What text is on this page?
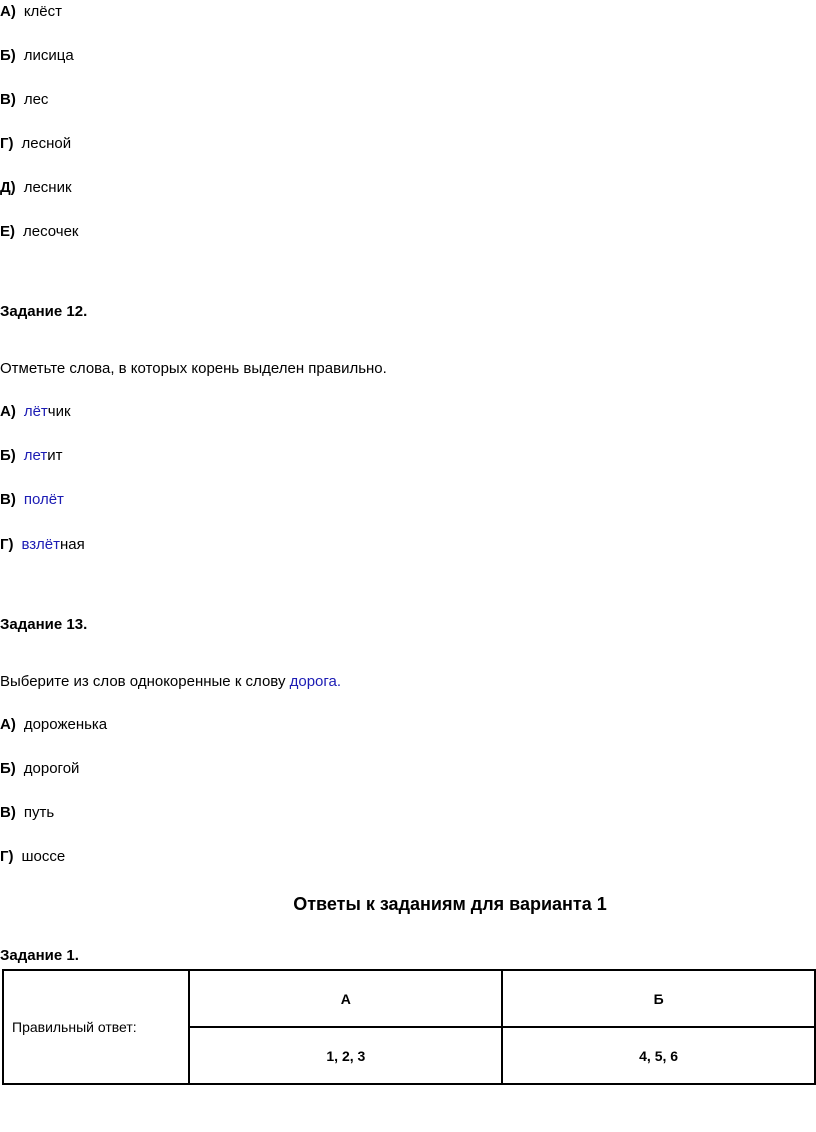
А) клёст
Б) лисица
В) лес
Г) лесной
Д) лесник
Е) лесочек
Задание 12.
Отметьте слова, в которых корень выделен правильно.
А) лётчик
Б) летит
В) полёт
Г) взлётная
Задание 13.
Выберите из слов однокоренные к слову дорога.
А) дороженька
Б) дорогой
В) путь
Г) шоссе
Ответы к заданиям для варианта 1
Задание 1.
Правильный ответ:	А	Б
	1, 2, 3	4, 5, 6
